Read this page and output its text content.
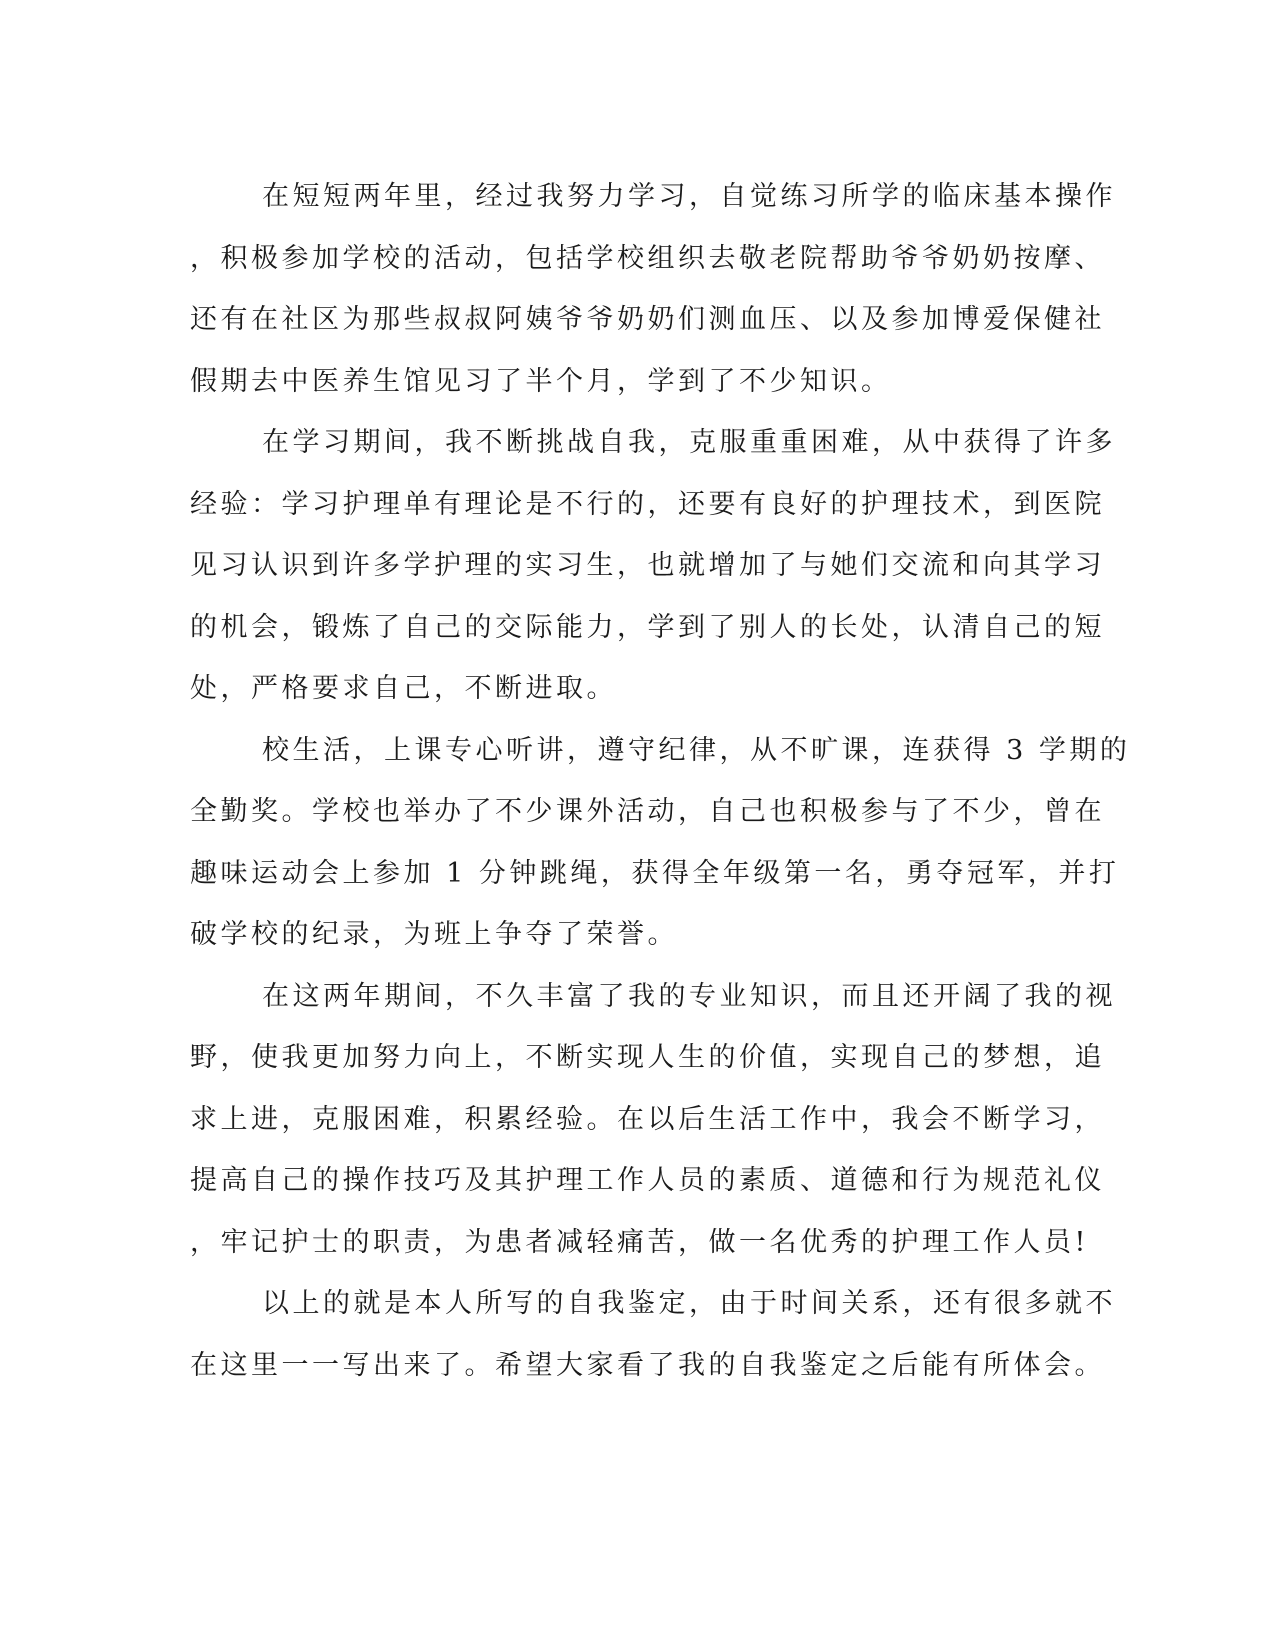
在短短两年里，经过我努力学习，自觉练习所学的临床基本操作
，积极参加学校的活动，包括学校组织去敬老院帮助爷爷奶奶按摩、
还有在社区为那些叔叔阿姨爷爷奶奶们测血压、以及参加博爱保健社
假期去中医养生馆见习了半个月，学到了不少知识。
在学习期间，我不断挑战自我，克服重重困难，从中获得了许多
经验：学习护理单有理论是不行的，还要有良好的护理技术，到医院
见习认识到许多学护理的实习生，也就增加了与她们交流和向其学习
的机会，锻炼了自己的交际能力，学到了别人的长处，认清自己的短
处，严格要求自己，不断进取。
校生活，上课专心听讲，遵守纪律，从不旷课，连获得 3 学期的
全勤奖。学校也举办了不少课外活动，自己也积极参与了不少，曾在
趣味运动会上参加 1 分钟跳绳，获得全年级第一名，勇夺冠军，并打
破学校的纪录，为班上争夺了荣誉。
在这两年期间，不久丰富了我的专业知识，而且还开阔了我的视
野，使我更加努力向上，不断实现人生的价值，实现自己的梦想，追
求上进，克服困难，积累经验。在以后生活工作中，我会不断学习，
提高自己的操作技巧及其护理工作人员的素质、道德和行为规范礼仪
，牢记护士的职责，为患者减轻痛苦，做一名优秀的护理工作人员!
以上的就是本人所写的自我鉴定，由于时间关系，还有很多就不
在这里一一写出来了。希望大家看了我的自我鉴定之后能有所体会。
